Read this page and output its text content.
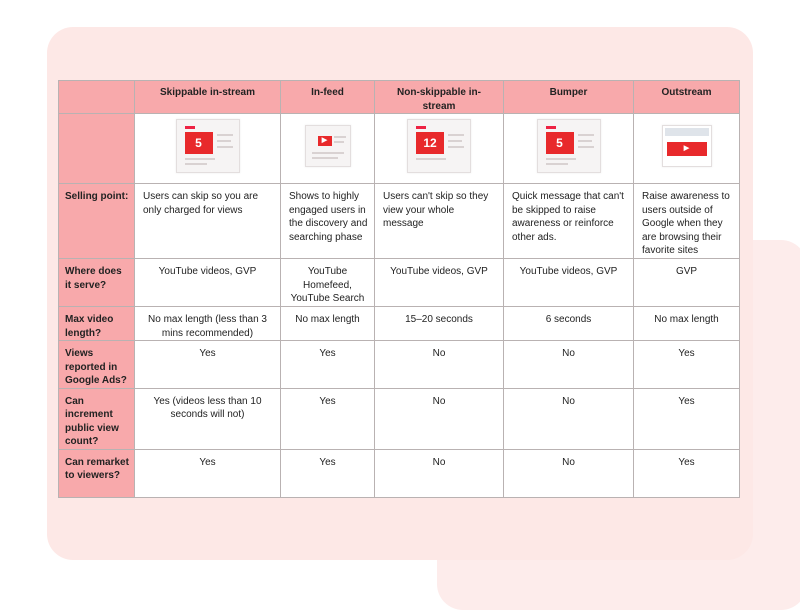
	Skippable in-stream	In-feed	Non-skippable in-stream	Bumper	Outstream

	5	▶	12	5	▶

Selling point:	Users can skip so you are only charged for views	Shows to highly engaged users in the discovery and searching phase	Users can't skip so they view your whole message	Quick message that can't be skipped to raise awareness or reinforce other ads.	Raise awareness to users outside of Google when they are browsing their favorite sites
Where does it serve?	YouTube videos, GVP	YouTube Homefeed, YouTube Search	YouTube videos, GVP	YouTube videos, GVP	GVP
Max video length?	No max length (less than 3 mins recommended)	No max length	15–20 seconds	6 seconds	No max length
Views reported in Google Ads?	Yes	Yes	No	No	Yes
Can increment public view count?	Yes (videos less than 10 seconds will not)	Yes	No	No	Yes
Can remarket to viewers?	Yes	Yes	No	No	Yes
